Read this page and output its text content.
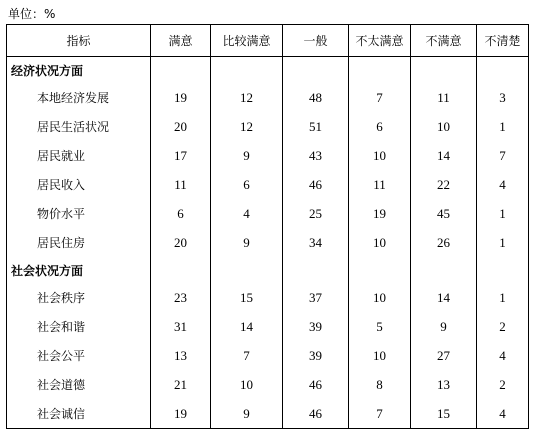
单位：%
指标	满意	比较满意	一般	不太满意	不满意	不清楚
经济状况方面						
本地经济发展	19	12	48	7	11	3
居民生活状况	20	12	51	6	10	1
居民就业	17	9	43	10	14	7
居民收入	11	6	46	11	22	4
物价水平	6	4	25	19	45	1
居民住房	20	9	34	10	26	1
社会状况方面						
社会秩序	23	15	37	10	14	1
社会和谐	31	14	39	5	9	2
社会公平	13	7	39	10	27	4
社会道德	21	10	46	8	13	2
社会诚信	19	9	46	7	15	4
